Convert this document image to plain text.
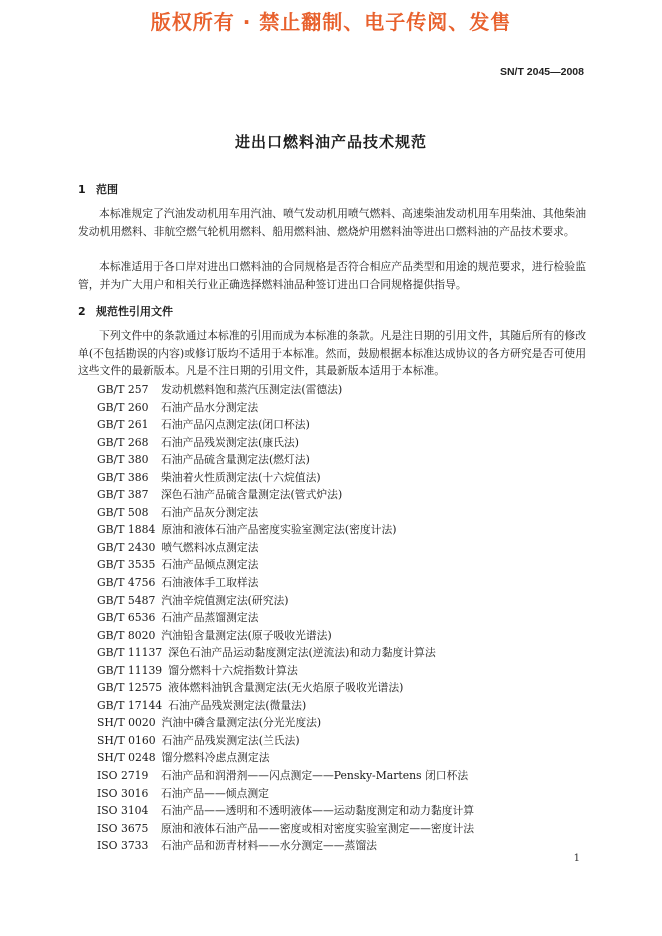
版权所有 · 禁止翻制、电子传阅、发售
SN/T 2045—2008
进出口燃料油产品技术规范
1 范围

本标准规定了汽油发动机用车用汽油、喷气发动机用喷气燃料、高速柴油发动机用车用柴油、其他柴油发动机用燃料、非航空燃气轮机用燃料、船用燃料油、燃烧炉用燃料油等进出口燃料油的产品技术要求。

本标准适用于各口岸对进出口燃料油的合同规格是否符合相应产品类型和用途的规范要求，进行检验监管，并为广大用户和相关行业正确选择燃料油品种签订进出口合同规格提供指导。

2 规范性引用文件

下列文件中的条款通过本标准的引用而成为本标准的条款。凡是注日期的引用文件，其随后所有的修改单(不包括勘误的内容)或修订版均不适用于本标准。然而，鼓励根据本标准达成协议的各方研究是否可使用这些文件的最新版本。凡是不注日期的引用文件，其最新版本适用于本标准。

GB/T 257 发动机燃料饱和蒸汽压测定法(雷德法)
GB/T 260 石油产品水分测定法
GB/T 261 石油产品闪点测定法(闭口杯法)
GB/T 268 石油产品残炭测定法(康氏法)
GB/T 380 石油产品硫含量测定法(燃灯法)
GB/T 386 柴油着火性质测定法(十六烷值法)
GB/T 387 深色石油产品硫含量测定法(管式炉法)
GB/T 508 石油产品灰分测定法
GB/T 1884 原油和液体石油产品密度实验室测定法(密度计法)
GB/T 2430 喷气燃料冰点测定法
GB/T 3535 石油产品倾点测定法
GB/T 4756 石油液体手工取样法
GB/T 5487 汽油辛烷值测定法(研究法)
GB/T 6536 石油产品蒸馏测定法
GB/T 8020 汽油铅含量测定法(原子吸收光谱法)
GB/T 11137 深色石油产品运动黏度测定法(逆流法)和动力黏度计算法
GB/T 11139 馏分燃料十六烷指数计算法
GB/T 12575 液体燃料油钒含量测定法(无火焰原子吸收光谱法)
GB/T 17144 石油产品残炭测定法(微量法)
SH/T 0020 汽油中磷含量测定法(分光光度法)
SH/T 0160 石油产品残炭测定法(兰氏法)
SH/T 0248 馏分燃料冷虑点测定法
ISO 2719 石油产品和润滑剂——闪点测定——Pensky-Martens 闭口杯法
ISO 3016 石油产品——倾点测定
ISO 3104 石油产品——透明和不透明液体——运动黏度测定和动力黏度计算
ISO 3675 原油和液体石油产品——密度或相对密度实验室测定——密度计法
ISO 3733 石油产品和沥青材料——水分测定——蒸馏法
1
